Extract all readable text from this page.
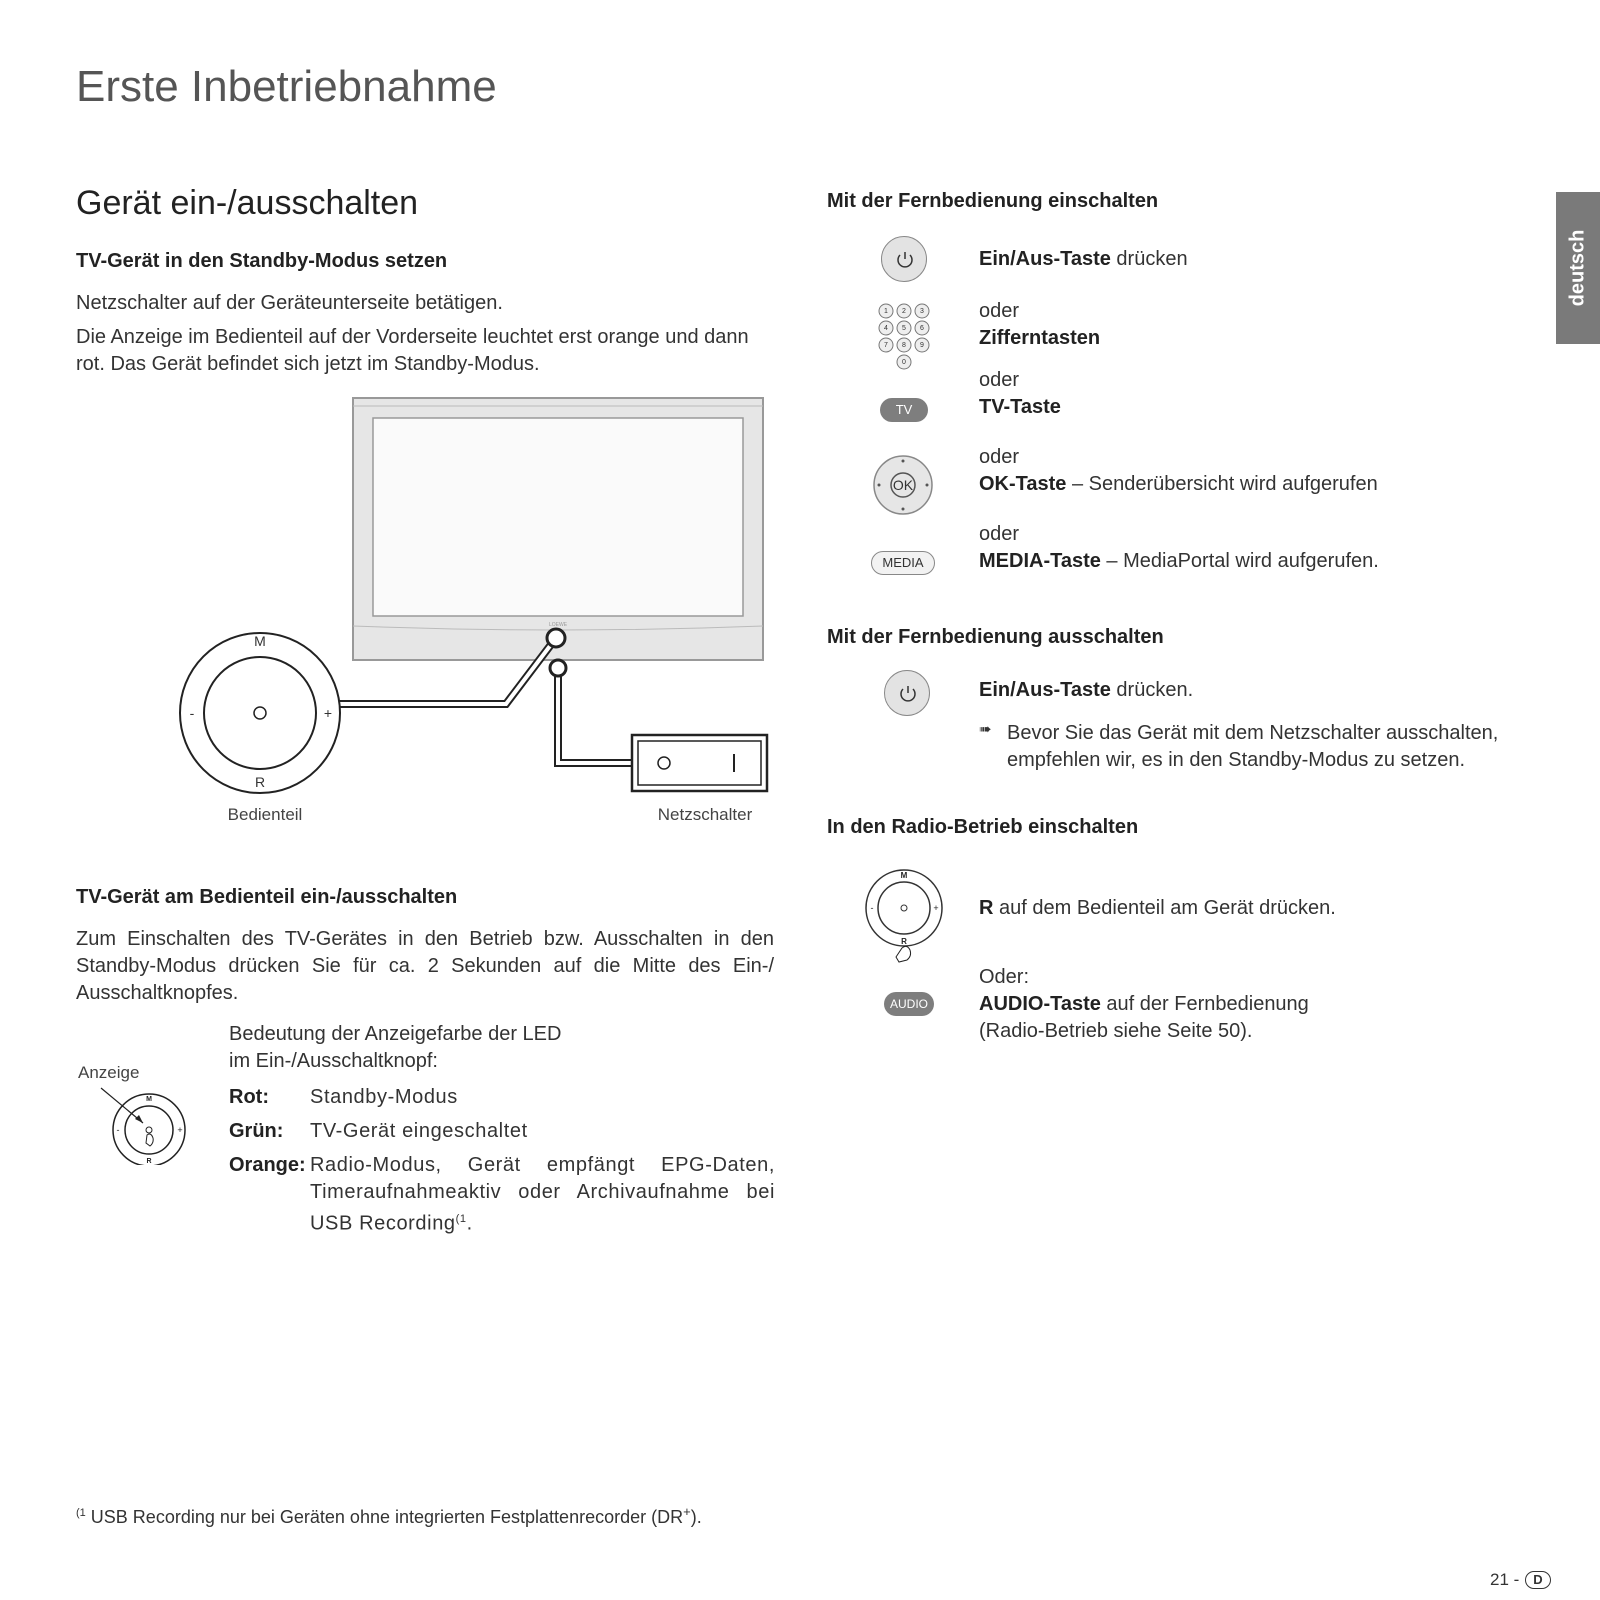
Erste Inbetriebnahme
deutsch
Gerät ein-/ausschalten
TV-Gerät in den Standby-Modus setzen

Netzschalter auf der Geräteunterseite betätigen.

Die Anzeige im Bedienteil auf der Vorderseite leuchtet erst orange und dann rot. Das Gerät befindet sich jetzt im Standby-Modus.

LOEWE
M
R
-	+
Bedienteil	Netzschalter
TV-Gerät am Bedienteil ein-/ausschalten

Zum Einschalten des TV-Gerätes in den Betrieb bzw. Ausschalten in den Standby-Modus drücken Sie für ca. 2 Sekunden auf die Mitte des Ein-/ Ausschaltknopfes.

Anzeige
M
R
-	+
Bedeutung der Anzeigefarbe der LED
im Ein-/Ausschaltknopf:
Rot:	Standby-Modus
Grün:	TV-Gerät eingeschaltet
Orange: Radio-Modus, Gerät empfängt EPG-Daten, Timeraufnahmeaktiv oder Archivaufnahme bei USB Recording$^{(1}$.
$^{(1}$ USB Recording nur bei Geräten ohne integrierten Festplattenrecorder (DR+).
Mit der Fernbedienung einschalten
Ein/Aus-Taste drücken
1 2 3
4 5 6
7 8 9
0
oder
Zifferntasten
TV
oder
TV-Taste
OK
oder
OK-Taste – Senderübersicht wird aufgerufen
MEDIA
oder
MEDIA-Taste – MediaPortal wird aufgerufen.
Mit der Fernbedienung ausschalten
Ein/Aus-Taste drücken.
➠ Bevor Sie das Gerät mit dem Netzschalter ausschalten, empfehlen wir, es in den Standby-Modus zu setzen.
In den Radio-Betrieb einschalten
M
R
-	+ R auf dem Bedienteil am Gerät drücken.
AUDIO
Oder:
AUDIO-Taste auf der Fernbedienung
(Radio-Betrieb siehe Seite 50).
21 -	D
